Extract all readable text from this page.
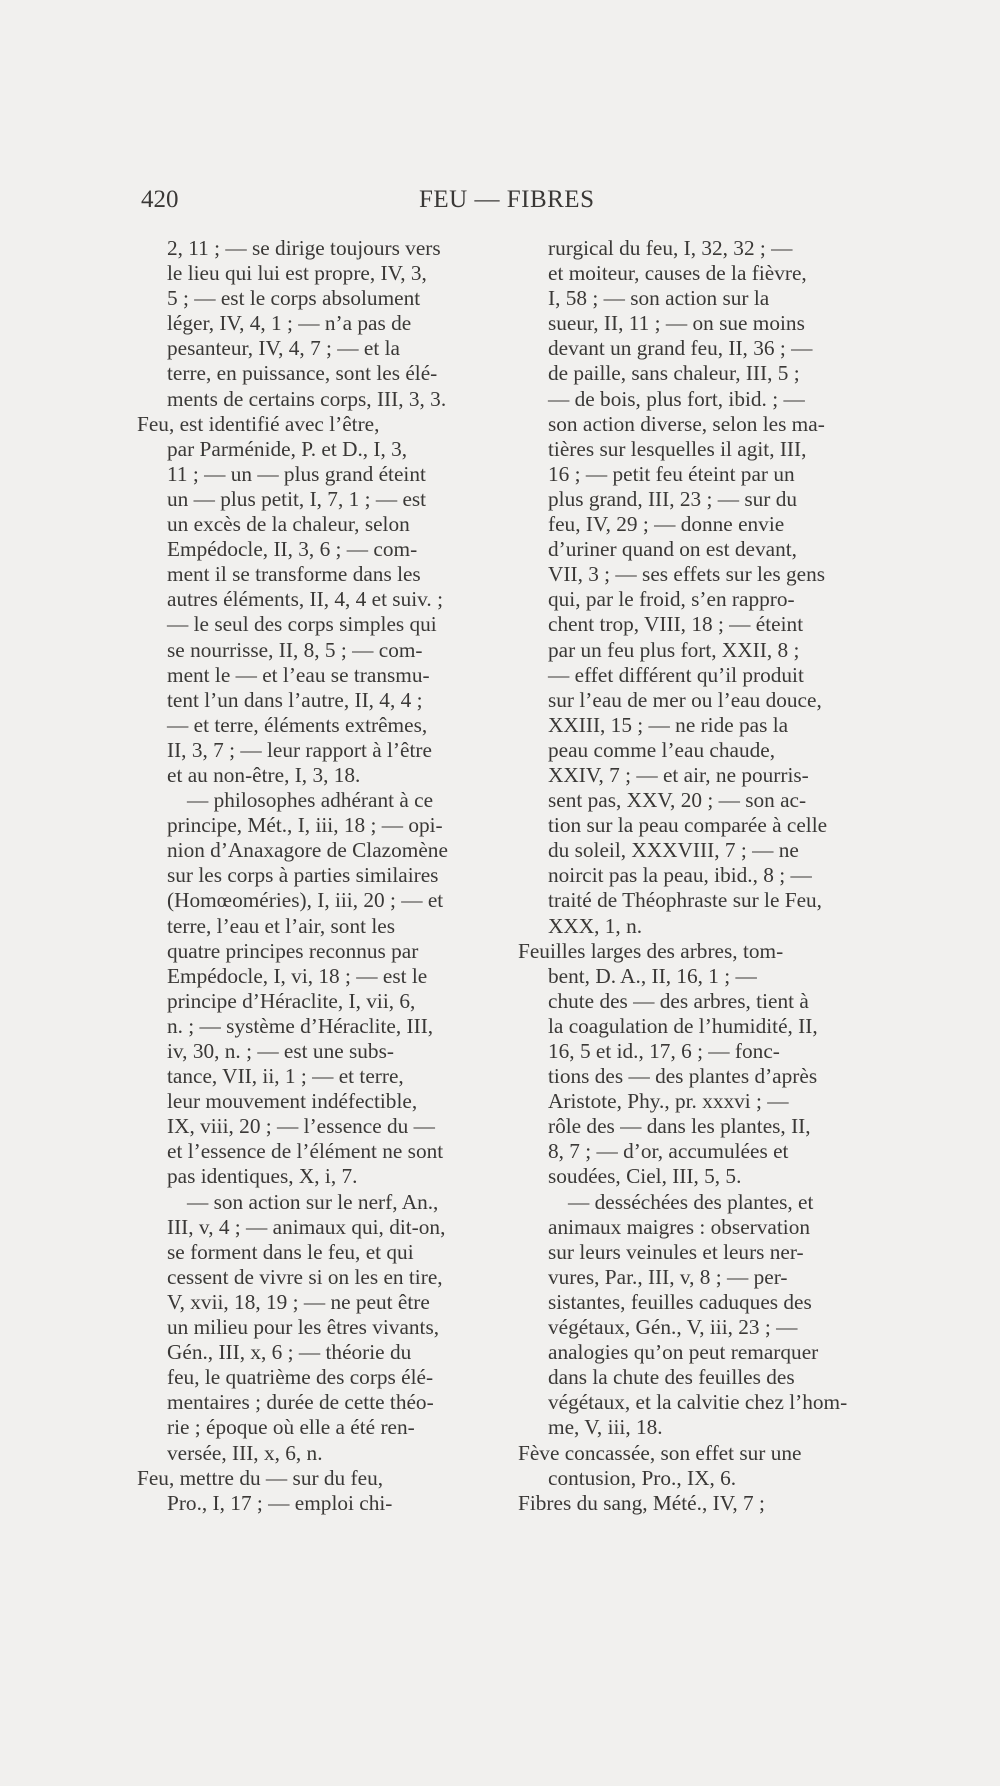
420	FEU — FIBRES
2, 11 ; — se dirige toujours vers
le lieu qui lui est propre, IV, 3,
5 ; — est le corps absolument
léger, IV, 4, 1 ; — n’a pas de
pesanteur, IV, 4, 7 ; — et la
terre, en puissance, sont les élé-
ments de certains corps, III, 3, 3.
Feu, est identifié avec l’être,
par Parménide, P. et D., I, 3,
11 ; — un — plus grand éteint
un — plus petit, I, 7, 1 ; — est
un excès de la chaleur, selon
Empédocle, II, 3, 6 ; — com-
ment il se transforme dans les
autres éléments, II, 4, 4 et suiv. ;
— le seul des corps simples qui
se nourrisse, II, 8, 5 ; — com-
ment le — et l’eau se transmu-
tent l’un dans l’autre, II, 4, 4 ;
— et terre, éléments extrêmes,
II, 3, 7 ; — leur rapport à l’être
et au non-être, I, 3, 18.
— philosophes adhérant à ce
principe, Mét., I, iii, 18 ; — opi-
nion d’Anaxagore de Clazomène
sur les corps à parties similaires
(Homœoméries), I, iii, 20 ; — et
terre, l’eau et l’air, sont les
quatre principes reconnus par
Empédocle, I, vi, 18 ; — est le
principe d’Héraclite, I, vii, 6,
n. ; — système d’Héraclite, III,
iv, 30, n. ; — est une subs-
tance, VII, ii, 1 ; — et terre,
leur mouvement indéfectible,
IX, viii, 20 ; — l’essence du —
et l’essence de l’élément ne sont
pas identiques, X, i, 7.
— son action sur le nerf, An.,
III, v, 4 ; — animaux qui, dit-on,
se forment dans le feu, et qui
cessent de vivre si on les en tire,
V, xvii, 18, 19 ; — ne peut être
un milieu pour les êtres vivants,
Gén., III, x, 6 ; — théorie du
feu, le quatrième des corps élé-
mentaires ; durée de cette théo-
rie ; époque où elle a été ren-
versée, III, x, 6, n.
Feu, mettre du — sur du feu,
Pro., I, 17 ; — emploi chi-
rurgical du feu, I, 32, 32 ; —
et moiteur, causes de la fièvre,
I, 58 ; — son action sur la
sueur, II, 11 ; — on sue moins
devant un grand feu, II, 36 ; —
de paille, sans chaleur, III, 5 ;
— de bois, plus fort, ibid. ; —
son action diverse, selon les ma-
tières sur lesquelles il agit, III,
16 ; — petit feu éteint par un
plus grand, III, 23 ; — sur du
feu, IV, 29 ; — donne envie
d’uriner quand on est devant,
VII, 3 ; — ses effets sur les gens
qui, par le froid, s’en rappro-
chent trop, VIII, 18 ; — éteint
par un feu plus fort, XXII, 8 ;
— effet différent qu’il produit
sur l’eau de mer ou l’eau douce,
XXIII, 15 ; — ne ride pas la
peau comme l’eau chaude,
XXIV, 7 ; — et air, ne pourris-
sent pas, XXV, 20 ; — son ac-
tion sur la peau comparée à celle
du soleil, XXXVIII, 7 ; — ne
noircit pas la peau, ibid., 8 ; —
traité de Théophraste sur le Feu,
XXX, 1, n.
Feuilles larges des arbres, tom-
bent, D. A., II, 16, 1 ; —
chute des — des arbres, tient à
la coagulation de l’humidité, II,
16, 5 et id., 17, 6 ; — fonc-
tions des — des plantes d’après
Aristote, Phy., pr. xxxvi ; —
rôle des — dans les plantes, II,
8, 7 ; — d’or, accumulées et
soudées, Ciel, III, 5, 5.
— desséchées des plantes, et
animaux maigres : observation
sur leurs veinules et leurs ner-
vures, Par., III, v, 8 ; — per-
sistantes, feuilles caduques des
végétaux, Gén., V, iii, 23 ; —
analogies qu’on peut remarquer
dans la chute des feuilles des
végétaux, et la calvitie chez l’hom-
me, V, iii, 18.
Fève concassée, son effet sur une
contusion, Pro., IX, 6.
Fibres du sang, Mété., IV, 7 ;
